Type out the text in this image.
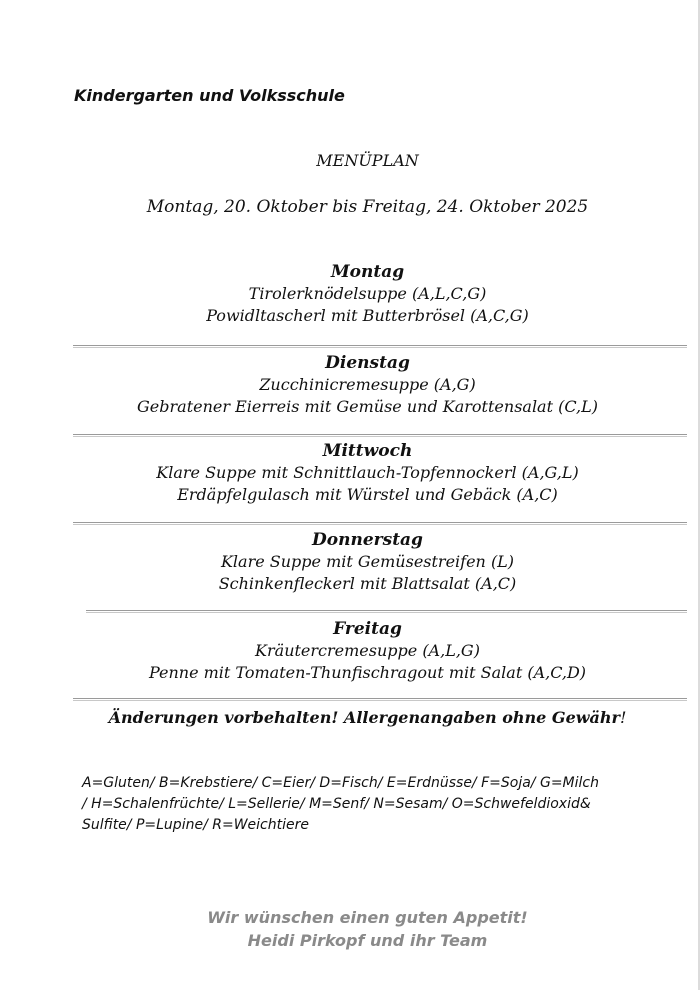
Kindergarten und Volksschule
MENÜPLAN
Montag, 20. Oktober bis Freitag, 24. Oktober 2025
Montag
Tirolerknödelsuppe (A,L,C,G)
Powidltascherl mit Butterbrösel (A,C,G)
Dienstag
Zucchinicremesuppe (A,G)
Gebratener Eierreis mit Gemüse und Karottensalat (C,L)
Mittwoch
Klare Suppe mit Schnittlauch-Topfennockerl (A,G,L)
Erdäpfelgulasch mit Würstel und Gebäck (A,C)
Donnerstag
Klare Suppe mit Gemüsestreifen (L)
Schinkenfleckerl mit Blattsalat (A,C)
Freitag
Kräutercremesuppe (A,L,G)
Penne mit Tomaten-Thunfischragout mit Salat (A,C,D)
Änderungen vorbehalten! Allergenangaben ohne Gewähr!
A=Gluten/ B=Krebstiere/ C=Eier/ D=Fisch/ E=Erdnüsse/ F=Soja/ G=Milch
/ H=Schalenfrüchte/ L=Sellerie/ M=Senf/ N=Sesam/ O=Schwefeldioxid&
Sulfite/ P=Lupine/ R=Weichtiere
Wir wünschen einen guten Appetit!
Heidi Pirkopf und ihr Team
